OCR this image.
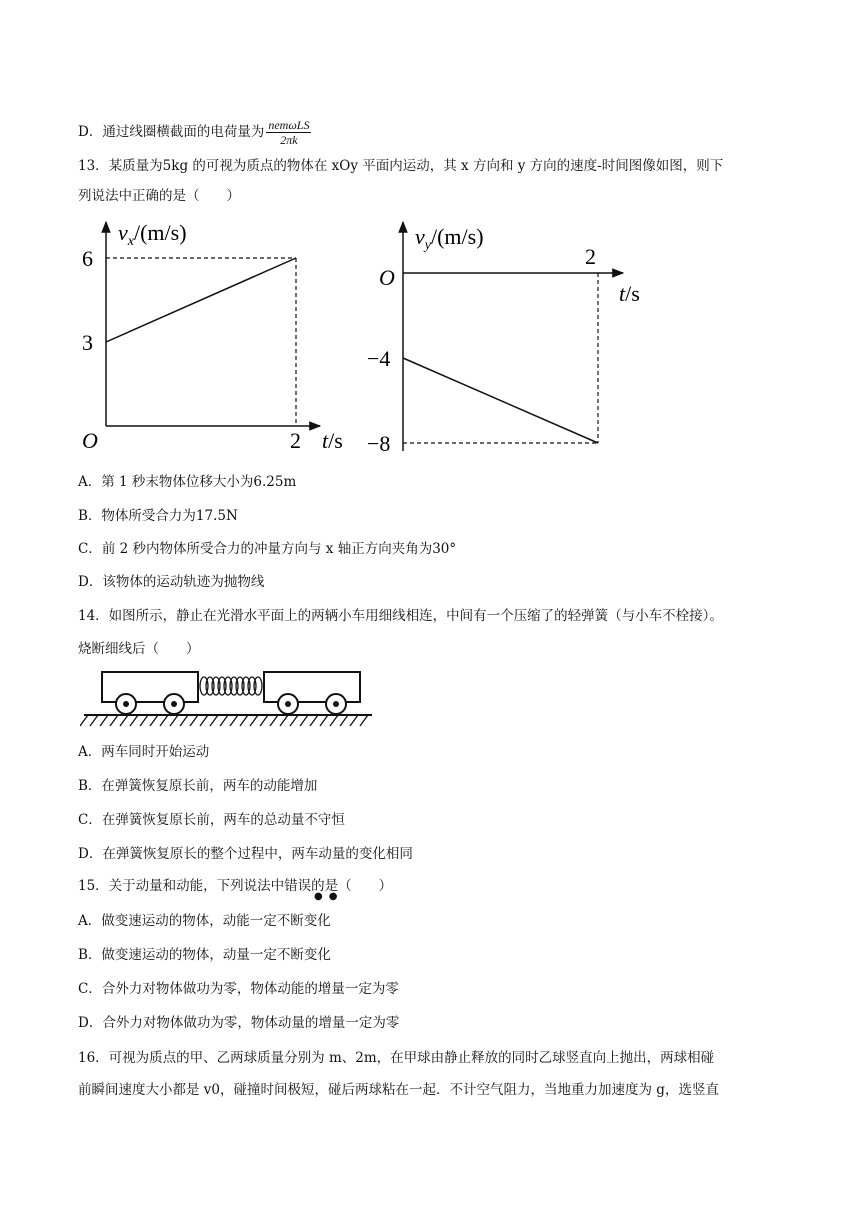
D．通过线圈横截面的电荷量为 $\frac{\text{nemωLS}}{2\pi k}$
13．某质量为5kg 的可视为质点的物体在 xOy 平面内运动，其 x 方向和 y 方向的速度-时间图像如图，则下
列说法中正确的是（　　）
$v_x/(m/s)$
6
3
O	2 t/s
$v_y/(m/s)$
O
2
t/s
−4
−8
A．第 1 秒末物体位移大小为6.25m
B．物体所受合力为17.5N
C．前 2 秒内物体所受合力的冲量方向与 x 轴正方向夹角为30°
D．该物体的运动轨迹为抛物线
14．如图所示，静止在光滑水平面上的两辆小车用细线相连，中间有一个压缩了的轻弹簧（与小车不栓接）。
烧断细线后（　　）
A．两车同时开始运动
B．在弹簧恢复原长前，两车的动能增加
C．在弹簧恢复原长前，两车的总动量不守恒
D．在弹簧恢复原长的整个过程中，两车动量的变化相同
15．关于动量和动能，下列说法中错误的是（　　）
●●
A．做变速运动的物体，动能一定不断变化
B．做变速运动的物体，动量一定不断变化
C．合外力对物体做功为零，物体动能的增量一定为零
D．合外力对物体做功为零，物体动量的增量一定为零
16．可视为质点的甲、乙两球质量分别为 m、2m，在甲球由静止释放的同时乙球竖直向上抛出，两球相碰
前瞬间速度大小都是 v0，碰撞时间极短，碰后两球粘在一起．不计空气阻力，当地重力加速度为 g，选竖直
